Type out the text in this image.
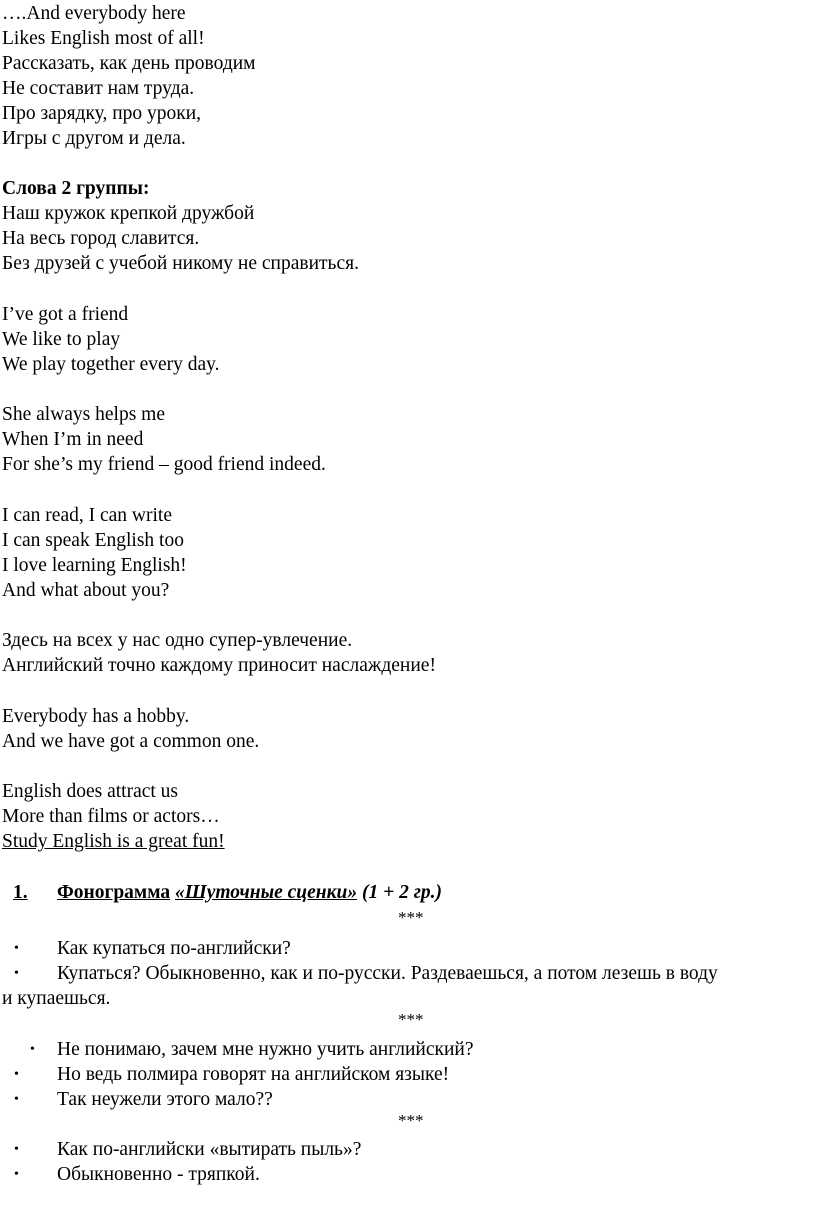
….And everybody here
Likes English most of all!
Рассказать, как день проводим
Не составит нам труда.
Про зарядку, про уроки,
Игры с другом и дела.
Слова 2 группы:
Наш кружок крепкой дружбой
На весь город славится.
Без друзей с учебой никому не справиться.
I’ve got a friend
We like to play
We play together every day.
She always helps me
When I’m in need
For she’s my friend – good friend indeed.
I can read, I can write
I can speak English too
I love learning English!
And what about you?
Здесь на всех у нас одно супер-увлечение.
Английский точно каждому приносит наслаждение!
Everybody has a hobby.
And we have got a common one.
English does attract us
More than films or actors…
Study English is a great fun!
1. Фонограмма «Шуточные сценки» (1 + 2 гр.)
***
• Как купаться по-английски?
• Купаться? Обыкновенно, как и по-русски. Раздеваешься, а потом лезешь в воду
и купаешься.
***
• Не понимаю, зачем мне нужно учить английский?
• Но ведь полмира говорят на английском языке!
• Так неужели этого мало??
***
• Как по-английски «вытирать пыль»?
• Обыкновенно - тряпкой.
